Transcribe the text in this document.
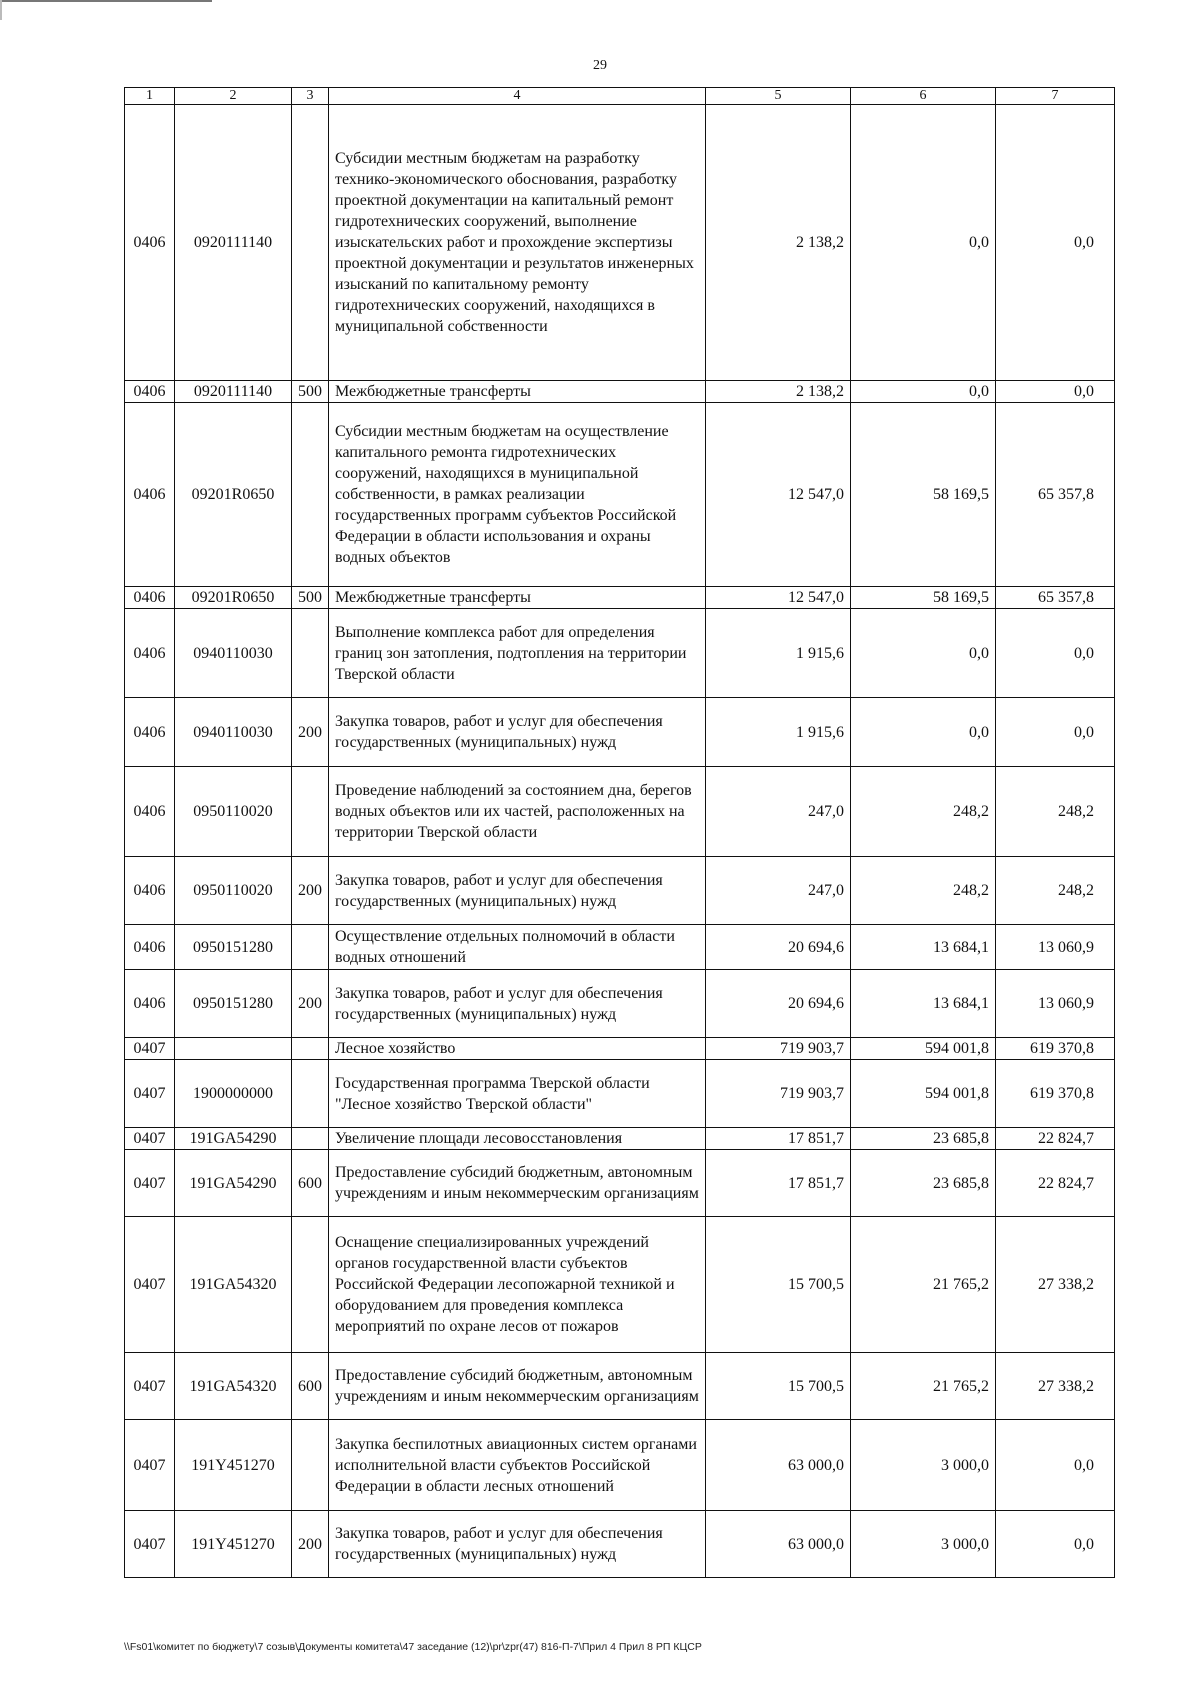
29
1	2	3	4	5	6	7
0406	0920111140		Субсидии местным бюджетам на разработку технико-экономического обоснования, разработку проектной документации на капитальный ремонт гидротехнических сооружений, выполнение изыскательских работ и прохождение экспертизы проектной документации и результатов инженерных изысканий по капитальному ремонту гидротехнических сооружений, находящихся в муниципальной собственности	2 138,2	0,0	0,0
0406	0920111140	500	Межбюджетные трансферты	2 138,2	0,0	0,0
0406	09201R0650		Субсидии местным бюджетам на осуществление капитального ремонта гидротехнических сооружений, находящихся в муниципальной собственности, в рамках реализации государственных программ субъектов Российской Федерации в области использования и охраны водных объектов	12 547,0	58 169,5	65 357,8
0406	09201R0650	500	Межбюджетные трансферты	12 547,0	58 169,5	65 357,8
0406	0940110030		Выполнение комплекса работ для определения границ зон затопления, подтопления на территории Тверской области	1 915,6	0,0	0,0
0406	0940110030	200	Закупка товаров, работ и услуг для обеспечения государственных (муниципальных) нужд	1 915,6	0,0	0,0
0406	0950110020		Проведение наблюдений за состоянием дна, берегов водных объектов или их частей, расположенных на территории Тверской области	247,0	248,2	248,2
0406	0950110020	200	Закупка товаров, работ и услуг для обеспечения государственных (муниципальных) нужд	247,0	248,2	248,2
0406	0950151280		Осуществление отдельных полномочий в области водных отношений	20 694,6	13 684,1	13 060,9
0406	0950151280	200	Закупка товаров, работ и услуг для обеспечения государственных (муниципальных) нужд	20 694,6	13 684,1	13 060,9
0407			Лесное хозяйство	719 903,7	594 001,8	619 370,8
0407	1900000000		Государственная программа Тверской области "Лесное хозяйство Тверской области"	719 903,7	594 001,8	619 370,8
0407	191GA54290		Увеличение площади лесовосстановления	17 851,7	23 685,8	22 824,7
0407	191GA54290	600	Предоставление субсидий бюджетным, автономным учреждениям и иным некоммерческим организациям	17 851,7	23 685,8	22 824,7
0407	191GA54320		Оснащение специализированных учреждений органов государственной власти субъектов Российской Федерации лесопожарной техникой и оборудованием для проведения комплекса мероприятий по охране лесов от пожаров	15 700,5	21 765,2	27 338,2
0407	191GA54320	600	Предоставление субсидий бюджетным, автономным учреждениям и иным некоммерческим организациям	15 700,5	21 765,2	27 338,2
0407	191Y451270		Закупка беспилотных авиационных систем органами исполнительной власти субъектов Российской Федерации в области лесных отношений	63 000,0	3 000,0	0,0
0407	191Y451270	200	Закупка товаров, работ и услуг для обеспечения государственных (муниципальных) нужд	63 000,0	3 000,0	0,0
\\Fs01\комитет по бюджету\7 созыв\Документы комитета\47 заседание (12)\pr\zpr(47) 816-П-7\Прил 4 Прил 8 РП КЦСР
